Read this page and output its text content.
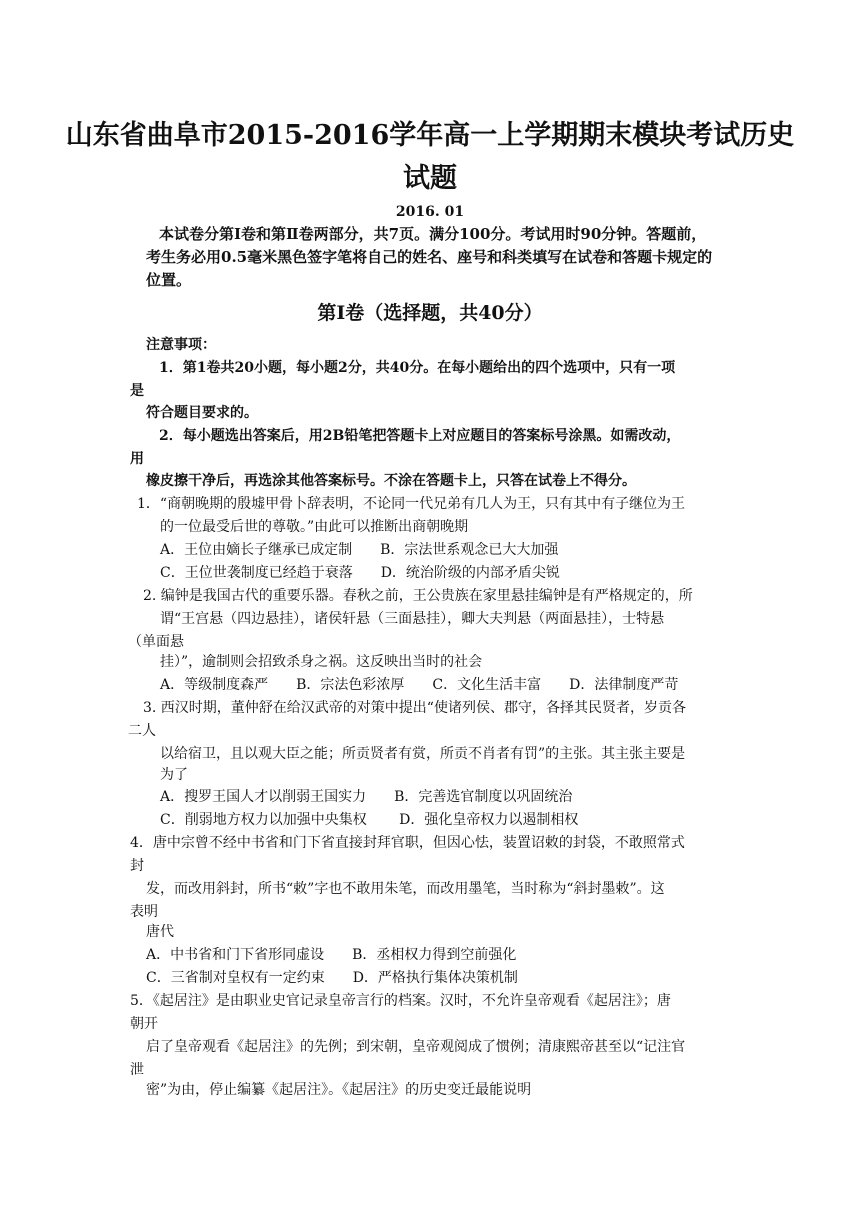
山东省曲阜市2015-2016学年高一上学期期末模块考试历史
试题
2016. 01
本试卷分第Ⅰ卷和第Ⅱ卷两部分，共7页。满分100分。考试用时90分钟。答题前，
考生务必用0.5毫米黑色签字笔将自己的姓名、座号和科类填写在试卷和答题卡规定的
位置。
第Ⅰ卷（选择题，共40分）
注意事项：
1．第1卷共20小题，每小题2分，共40分。在每小题给出的四个选项中，只有一项
是
符合题目要求的。
2．每小题选出答案后，用2B铅笔把答题卡上对应题目的答案标号涂黑。如需改动，
用
橡皮擦干净后，再选涂其他答案标号。不涂在答题卡上，只答在试卷上不得分。
1．“商朝晚期的殷墟甲骨卜辞表明，不论同一代兄弟有几人为王，只有其中有子继位为王
的一位最受后世的尊敬。”由此可以推断出商朝晚期
A．王位由嫡长子继承已成定制　　B．宗法世系观念已大大加强
C．王位世袭制度已经趋于衰落　　D．统治阶级的内部矛盾尖锐
2. 编钟是我国古代的重要乐器。春秋之前，王公贵族在家里悬挂编钟是有严格规定的，所
谓“王宫悬（四边悬挂），诸侯轩悬（三面悬挂），卿大夫判悬（两面悬挂），士特悬
（单面悬
挂）”，逾制则会招致杀身之祸。这反映出当时的社会
A．等级制度森严　　B．宗法色彩浓厚　　C．文化生活丰富　　D．法律制度严苛
3. 西汉时期，董仲舒在给汉武帝的对策中提出“使诸列侯、郡守，各择其民贤者，岁贡各
二人
以给宿卫，且以观大臣之能；所贡贤者有赏，所贡不肖者有罚”的主张。其主张主要是
为了
A．搜罗王国人才以削弱王国实力　　B．完善选官制度以巩固统治
C．削弱地方权力以加强中央集权　　 D．强化皇帝权力以遏制相权
4．唐中宗曾不经中书省和门下省直接封拜官职，但因心怯，装置诏敕的封袋，不敢照常式
封
发，而改用斜封，所书“敕”字也不敢用朱笔，而改用墨笔，当时称为“斜封墨敕”。这
表明
唐代
A．中书省和门下省形同虚设　　B．丞相权力得到空前强化
C．三省制对皇权有一定约束　　D．严格执行集体决策机制
5．《起居注》是由职业史官记录皇帝言行的档案。汉时，不允许皇帝观看《起居注》；唐
朝开
启了皇帝观看《起居注》的先例；到宋朝，皇帝观阅成了惯例；清康熙帝甚至以“记注官
泄
密”为由，停止编纂《起居注》。《起居注》的历史变迁最能说明
